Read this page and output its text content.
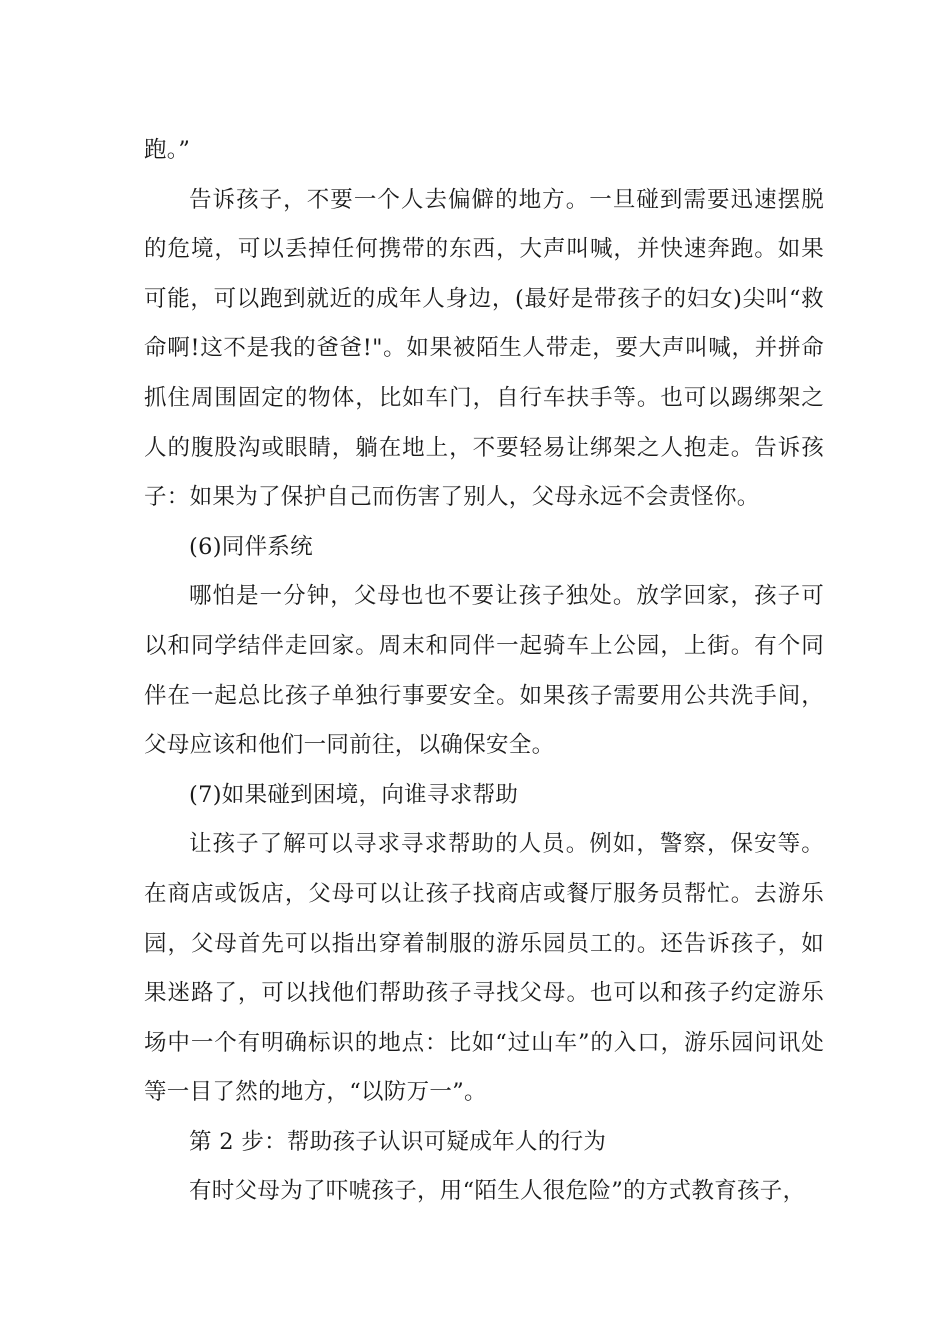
跑。”

告诉孩子，不要一个人去偏僻的地方。一旦碰到需要迅速摆脱的危境，可以丢掉任何携带的东西，大声叫喊，并快速奔跑。如果可能，可以跑到就近的成年人身边，(最好是带孩子的妇女)尖叫“救命啊!这不是我的爸爸!"。如果被陌生人带走，要大声叫喊，并拼命抓住周围固定的物体，比如车门，自行车扶手等。也可以踢绑架之人的腹股沟或眼睛，躺在地上，不要轻易让绑架之人抱走。告诉孩子：如果为了保护自己而伤害了别人，父母永远不会责怪你。

(6)同伴系统

哪怕是一分钟，父母也也不要让孩子独处。放学回家，孩子可以和同学结伴走回家。周末和同伴一起骑车上公园，上街。有个同伴在一起总比孩子单独行事要安全。如果孩子需要用公共洗手间，父母应该和他们一同前往，以确保安全。

(7)如果碰到困境，向谁寻求帮助

让孩子了解可以寻求寻求帮助的人员。例如，警察，保安等。在商店或饭店，父母可以让孩子找商店或餐厅服务员帮忙。去游乐园，父母首先可以指出穿着制服的游乐园员工的。还告诉孩子，如果迷路了，可以找他们帮助孩子寻找父母。也可以和孩子约定游乐场中一个有明确标识的地点：比如“过山车”的入口，游乐园问讯处等一目了然的地方，“以防万一”。

第 2 步：帮助孩子认识可疑成年人的行为

有时父母为了吓唬孩子，用“陌生人很危险”的方式教育孩子，
